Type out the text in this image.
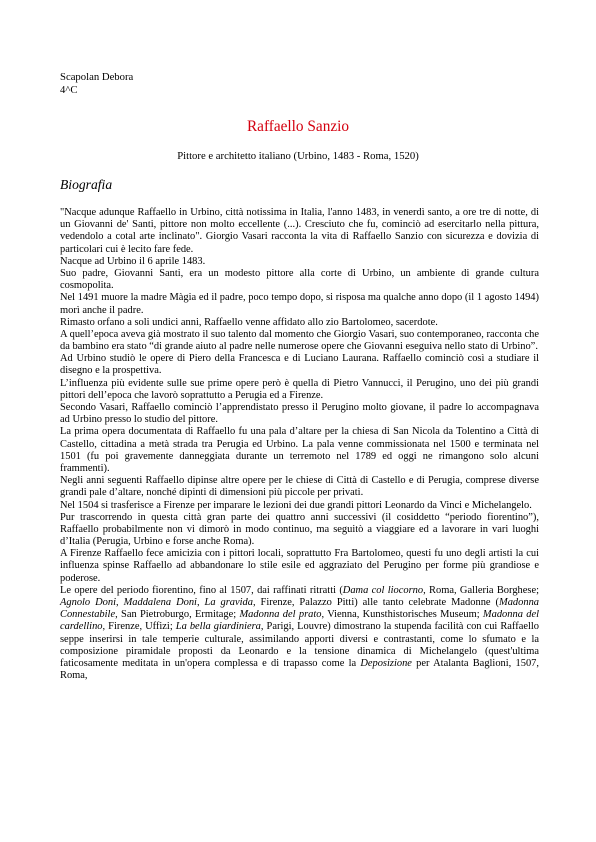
Scapolan Debora
4^C
Raffaello Sanzio
Pittore e architetto italiano (Urbino, 1483 - Roma, 1520)
Biografia

"Nacque adunque Raffaello in Urbino, città notissima in Italia, l'anno 1483, in venerdì santo, a ore tre di notte, di un Giovanni de' Santi, pittore non molto eccellente (...). Cresciuto che fu, cominciò ad esercitarlo nella pittura, vedendolo a cotal arte inclinato". Giorgio Vasari racconta la vita di Raffaello Sanzio con sicurezza e dovizia di particolari cui è lecito fare fede.

Nacque ad Urbino il 6 aprile 1483.

Suo padre, Giovanni Santi, era un modesto pittore alla corte di Urbino, un ambiente di grande cultura cosmopolita.

Nel 1491 muore la madre Màgia ed il padre, poco tempo dopo, si risposa ma qualche anno dopo (il 1 agosto 1494) morì anche il padre.

Rimasto orfano a soli undici anni, Raffaello venne affidato allo zio Bartolomeo, sacerdote.

A quell’epoca aveva già mostrato il suo talento dal momento che Giorgio Vasari, suo contemporaneo, racconta che da bambino era stato “di grande aiuto al padre nelle numerose opere che Giovanni eseguiva nello stato di Urbino”.

Ad Urbino studiò le opere di Piero della Francesca e di Luciano Laurana. Raffaello cominciò così a studiare il disegno e la prospettiva.

L’influenza più evidente sulle sue prime opere però è quella di Pietro Vannucci, il Perugino, uno dei più grandi pittori dell’epoca che lavorò soprattutto a Perugia ed a Firenze.

Secondo Vasari, Raffaello cominciò l’apprendistato presso il Perugino molto giovane, il padre lo accompagnava ad Urbino presso lo studio del pittore.

La prima opera documentata di Raffaello fu una pala d’altare per la chiesa di San Nicola da Tolentino a Città di Castello, cittadina a metà strada tra Perugia ed Urbino. La pala venne commissionata nel 1500 e terminata nel 1501 (fu poi gravemente danneggiata durante un terremoto nel 1789 ed oggi ne rimangono solo alcuni frammenti).

Negli anni seguenti Raffaello dipinse altre opere per le chiese di Città di Castello e di Perugia, comprese diverse grandi pale d’altare, nonché dipinti di dimensioni più piccole per privati.

Nel 1504 si trasferisce a Firenze per imparare le lezioni dei due grandi pittori Leonardo da Vinci e Michelangelo.

Pur trascorrendo in questa città gran parte dei quattro anni successivi (il cosiddetto “periodo fiorentino”), Raffaello probabilmente non vi dimorò in modo continuo, ma seguitò a viaggiare ed a lavorare in vari luoghi d’Italia (Perugia, Urbino e forse anche Roma).

A Firenze Raffaello fece amicizia con i pittori locali, soprattutto Fra Bartolomeo, questi fu uno degli artisti la cui influenza spinse Raffaello ad abbandonare lo stile esile ed aggraziato del Perugino per forme più grandiose e poderose.

Le opere del periodo fiorentino, fino al 1507, dai raffinati ritratti (Dama col liocorno, Roma, Galleria Borghese; Agnolo Doni, Maddalena Doni, La gravida, Firenze, Palazzo Pitti) alle tanto celebrate Madonne (Madonna Connestabile, San Pietroburgo, Ermitage; Madonna del prato, Vienna, Kunsthistorisches Museum; Madonna del cardellino, Firenze, Uffizi; La bella giardiniera, Parigi, Louvre) dimostrano la stupenda facilità con cui Raffaello seppe inserirsi in tale temperie culturale, assimilando apporti diversi e contrastanti, come lo sfumato e la composizione piramidale proposti da Leonardo e la tensione dinamica di Michelangelo (quest'ultima faticosamente meditata in un'opera complessa e di trapasso come la Deposizione per Atalanta Baglioni, 1507, Roma,
